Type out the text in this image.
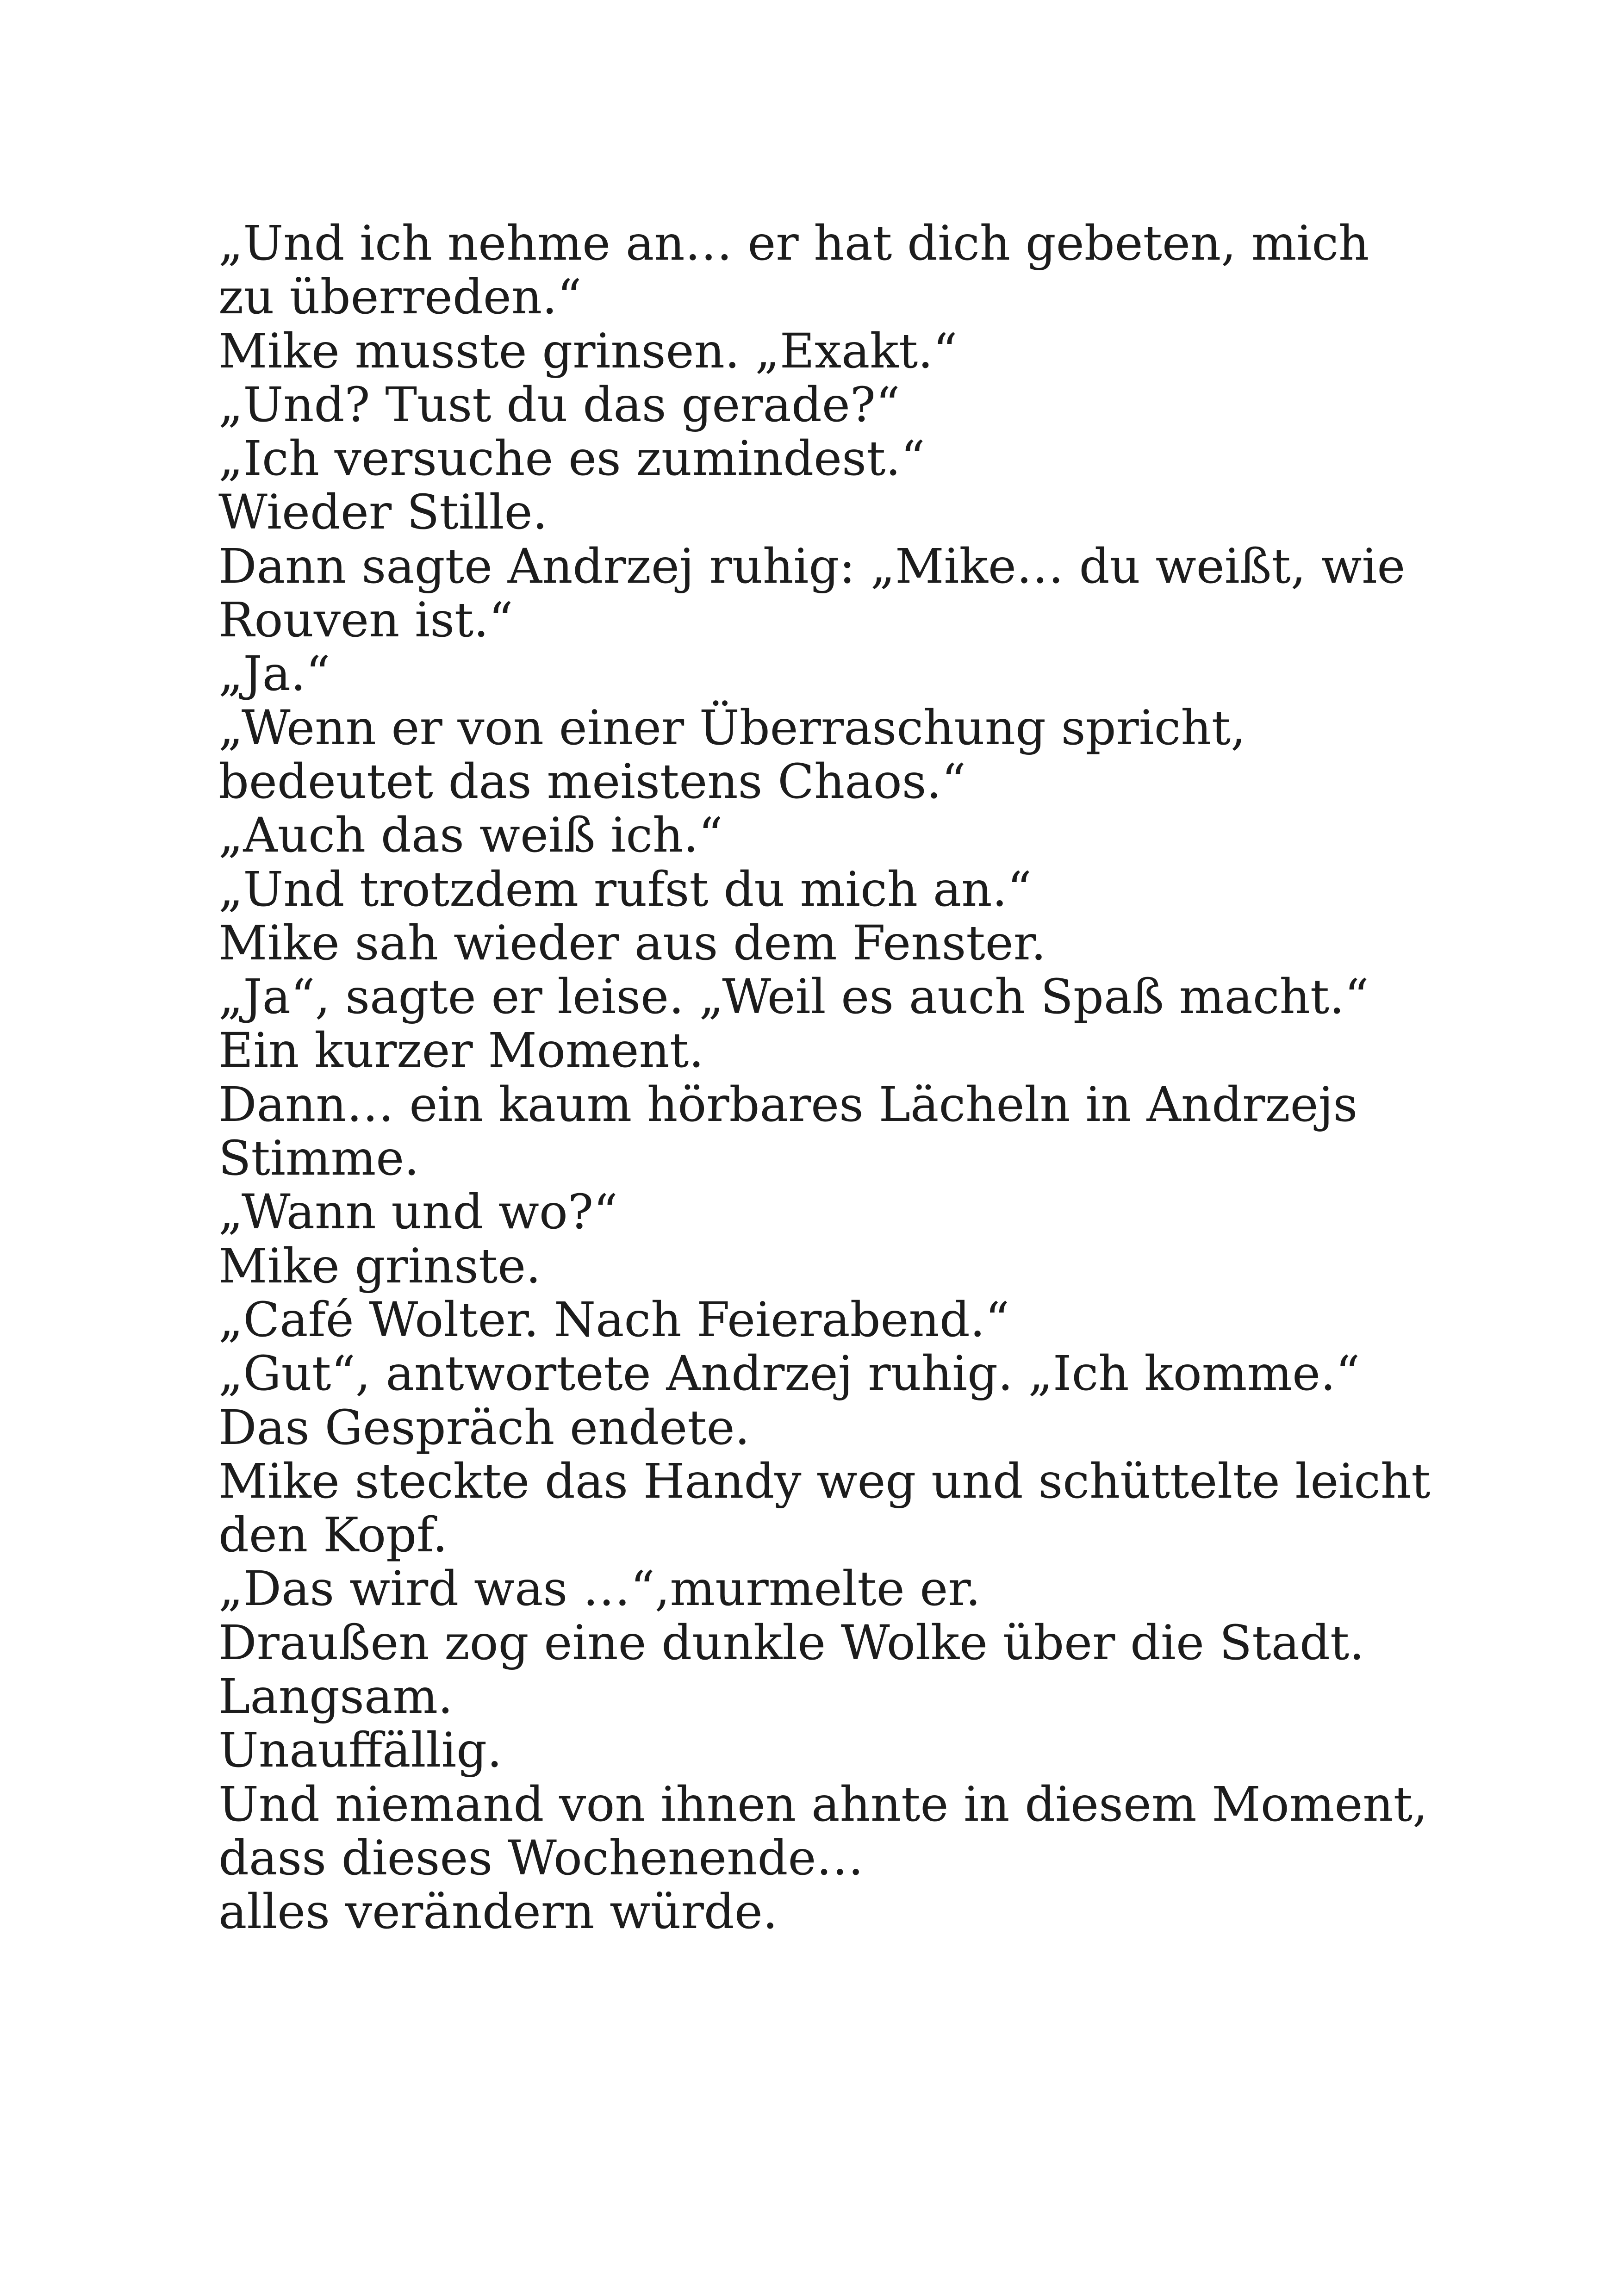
„Und ich nehme an… er hat dich gebeten, mich
zu überreden.“
Mike musste grinsen. „Exakt.“
„Und? Tust du das gerade?“
„Ich versuche es zumindest.“
Wieder Stille.
Dann sagte Andrzej ruhig: „Mike… du weißt, wie
Rouven ist.“
„Ja.“
„Wenn er von einer Überraschung spricht,
bedeutet das meistens Chaos.“
„Auch das weiß ich.“
„Und trotzdem rufst du mich an.“
Mike sah wieder aus dem Fenster.
„Ja“, sagte er leise. „Weil es auch Spaß macht.“
Ein kurzer Moment.
Dann… ein kaum hörbares Lächeln in Andrzejs
Stimme.
„Wann und wo?“
Mike grinste.
„Café Wolter. Nach Feierabend.“
„Gut“, antwortete Andrzej ruhig. „Ich komme.“
Das Gespräch endete.
Mike steckte das Handy weg und schüttelte leicht
den Kopf.
„Das wird was …“,murmelte er.
Draußen zog eine dunkle Wolke über die Stadt.
Langsam.
Unauffällig.
Und niemand von ihnen ahnte in diesem Moment,
dass dieses Wochenende…
alles verändern würde.
